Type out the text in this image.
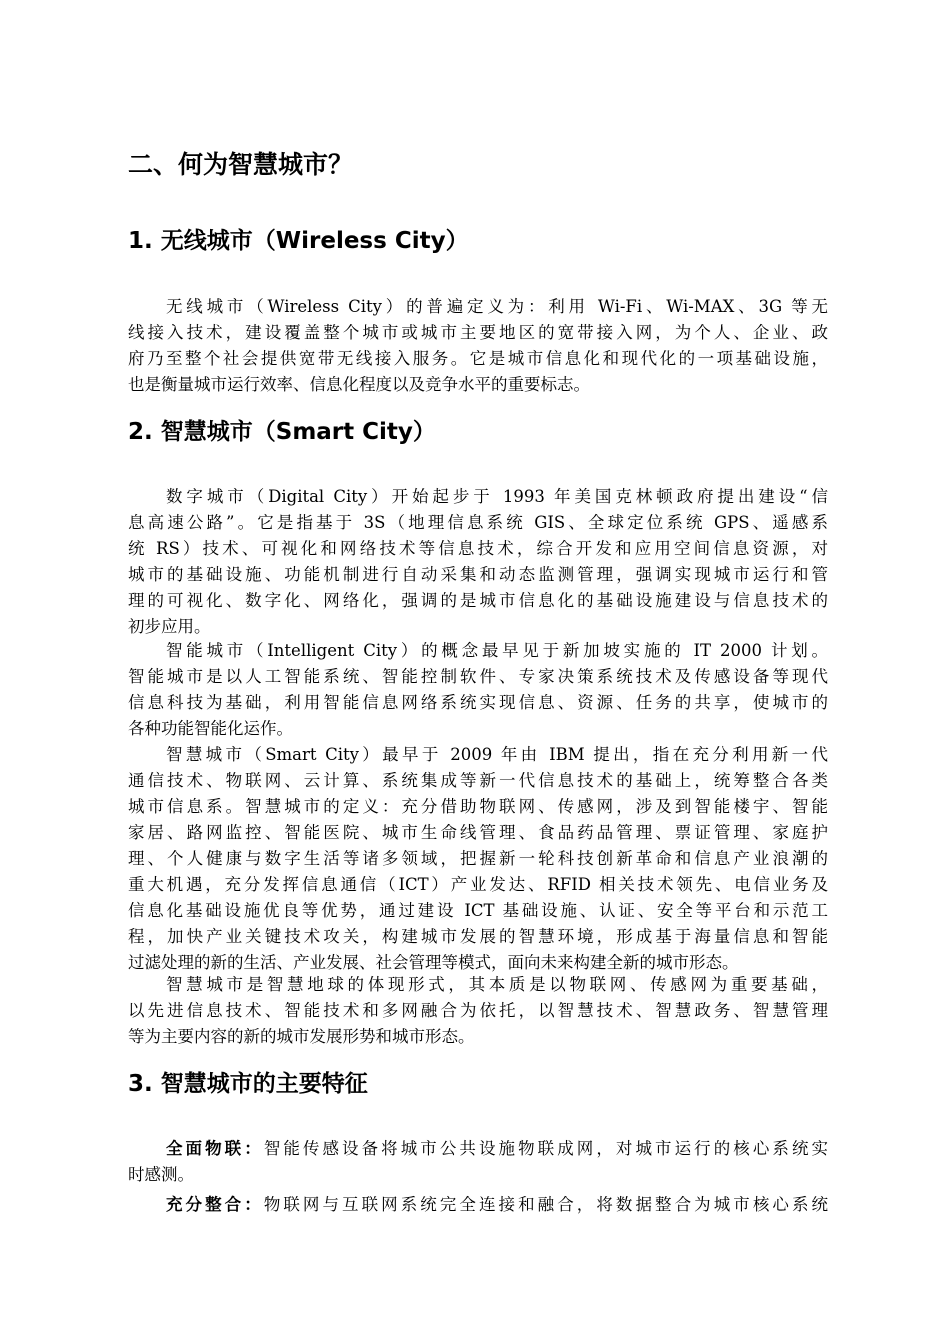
二、何为智慧城市？
1. 无线城市（Wireless City）
无线城市（Wireless City）的普遍定义为：利用 Wi-Fi、Wi-MAX、3G 等无
线接入技术，建设覆盖整个城市或城市主要地区的宽带接入网，为个人、企业、政
府乃至整个社会提供宽带无线接入服务。它是城市信息化和现代化的一项基础设施，
也是衡量城市运行效率、信息化程度以及竞争水平的重要标志。
2. 智慧城市（Smart City）
数字城市（Digital City）开始起步于 1993 年美国克林顿政府提出建设“信
息高速公路”。它是指基于 3S（地理信息系统 GIS、全球定位系统 GPS、遥感系
统 RS）技术、可视化和网络技术等信息技术，综合开发和应用空间信息资源，对
城市的基础设施、功能机制进行自动采集和动态监测管理，强调实现城市运行和管
理的可视化、数字化、网络化，强调的是城市信息化的基础设施建设与信息技术的
初步应用。
智能城市（Intelligent City）的概念最早见于新加坡实施的 IT 2000 计划。
智能城市是以人工智能系统、智能控制软件、专家决策系统技术及传感设备等现代
信息科技为基础，利用智能信息网络系统实现信息、资源、任务的共享，使城市的
各种功能智能化运作。
智慧城市（Smart City）最早于 2009 年由 IBM 提出，指在充分利用新一代
通信技术、物联网、云计算、系统集成等新一代信息技术的基础上，统筹整合各类
城市信息系。智慧城市的定义：充分借助物联网、传感网，涉及到智能楼宇、智能
家居、路网监控、智能医院、城市生命线管理、食品药品管理、票证管理、家庭护
理、个人健康与数字生活等诸多领域，把握新一轮科技创新革命和信息产业浪潮的
重大机遇，充分发挥信息通信（ICT）产业发达、RFID 相关技术领先、电信业务及
信息化基础设施优良等优势，通过建设 ICT 基础设施、认证、安全等平台和示范工
程，加快产业关键技术攻关，构建城市发展的智慧环境，形成基于海量信息和智能
过滤处理的新的生活、产业发展、社会管理等模式，面向未来构建全新的城市形态。
智慧城市是智慧地球的体现形式，其本质是以物联网、传感网为重要基础，
以先进信息技术、智能技术和多网融合为依托，以智慧技术、智慧政务、智慧管理
等为主要内容的新的城市发展形势和城市形态。
3. 智慧城市的主要特征
全面物联：智能传感设备将城市公共设施物联成网，对城市运行的核心系统实
时感测。
充分整合：物联网与互联网系统完全连接和融合，将数据整合为城市核心系统
